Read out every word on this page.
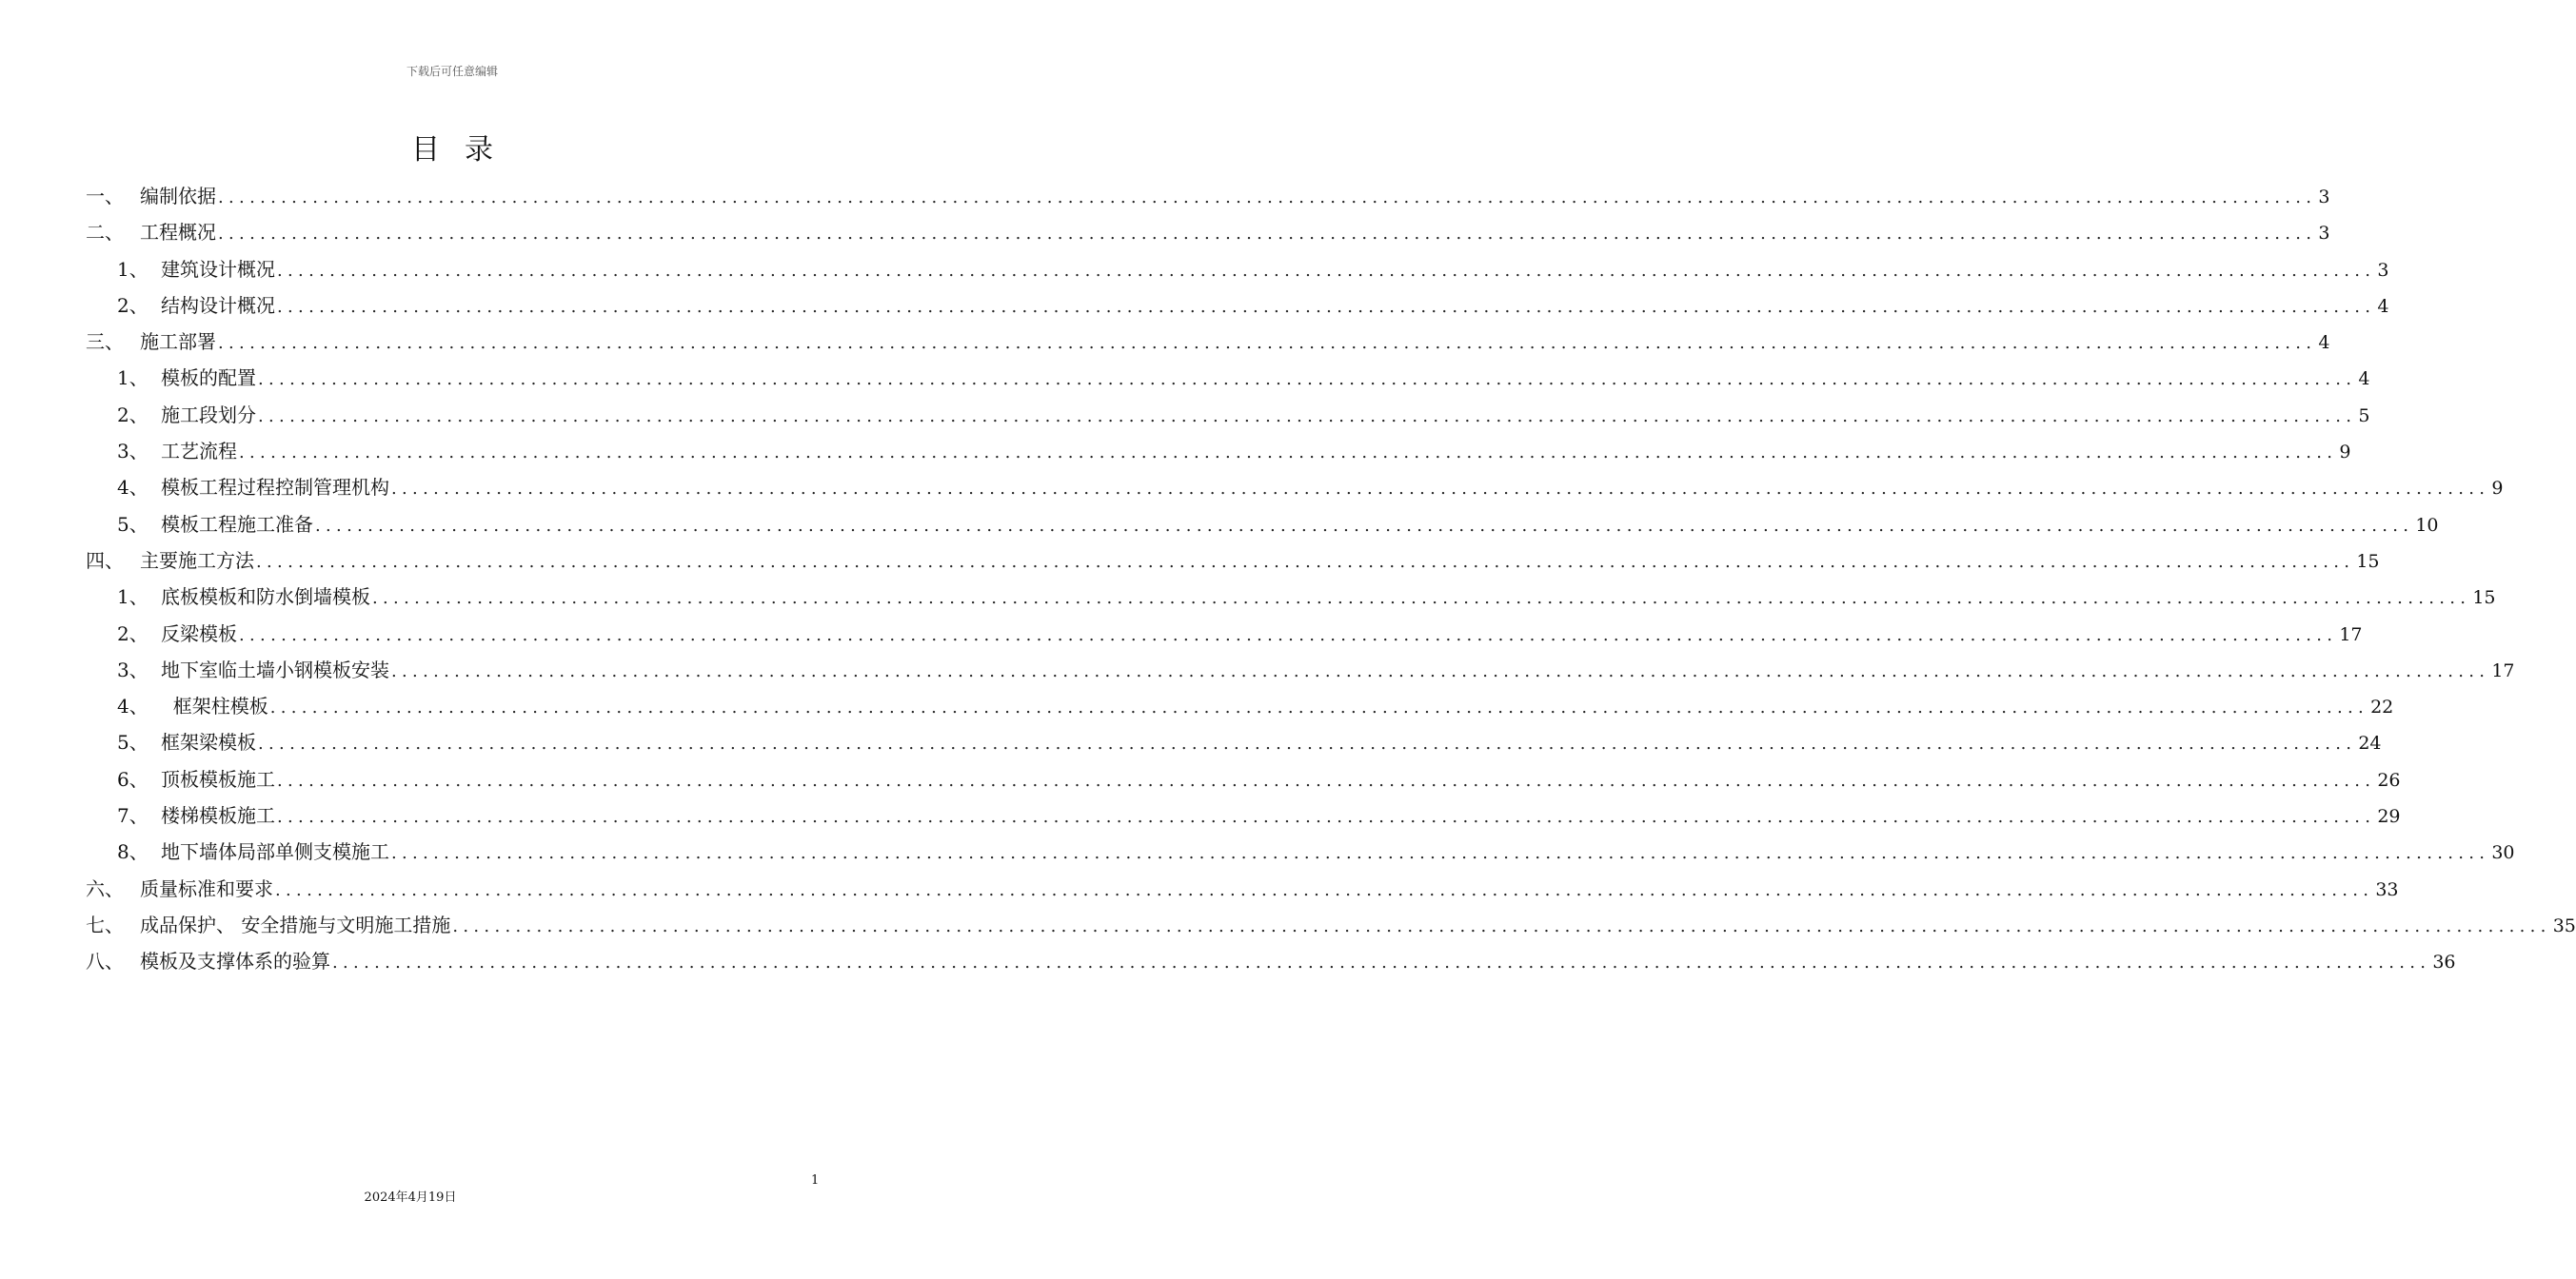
下载后可任意编辑
目录
一、 编制依据 ........................................................................................................................................................................................................ 3
二、 工程概况 ........................................................................................................................................................................................................ 3
1、 建筑设计概况 ........................................................................................................................................................................................................ 3
2、 结构设计概况 ........................................................................................................................................................................................................ 4
三、 施工部署 ........................................................................................................................................................................................................ 4
1、 模板的配置 ........................................................................................................................................................................................................ 4
2、 施工段划分 ........................................................................................................................................................................................................ 5
3、 工艺流程 ........................................................................................................................................................................................................ 9
4、 模板工程过程控制管理机构 ........................................................................................................................................................................................................ 9
5、 模板工程施工准备 ........................................................................................................................................................................................................ 10
四、 主要施工方法 ........................................................................................................................................................................................................ 15
1、 底板模板和防水倒墙模板 ........................................................................................................................................................................................................ 15
2、 反梁模板 ........................................................................................................................................................................................................ 17
3、 地下室临土墙小钢模板安装 ........................................................................................................................................................................................................ 17
4、 框架柱模板 ........................................................................................................................................................................................................ 22
5、 框架梁模板 ........................................................................................................................................................................................................ 24
6、 顶板模板施工 ........................................................................................................................................................................................................ 26
7、 楼梯模板施工 ........................................................................................................................................................................................................ 29
8、 地下墙体局部单侧支模施工 ........................................................................................................................................................................................................ 30
六、 质量标准和要求 ........................................................................................................................................................................................................ 33
七、 成品保护、 安全措施与文明施工措施 ........................................................................................................................................................................................................ 35
八、 模板及支撑体系的验算 ........................................................................................................................................................................................................ 36
1
2024年4月19日
